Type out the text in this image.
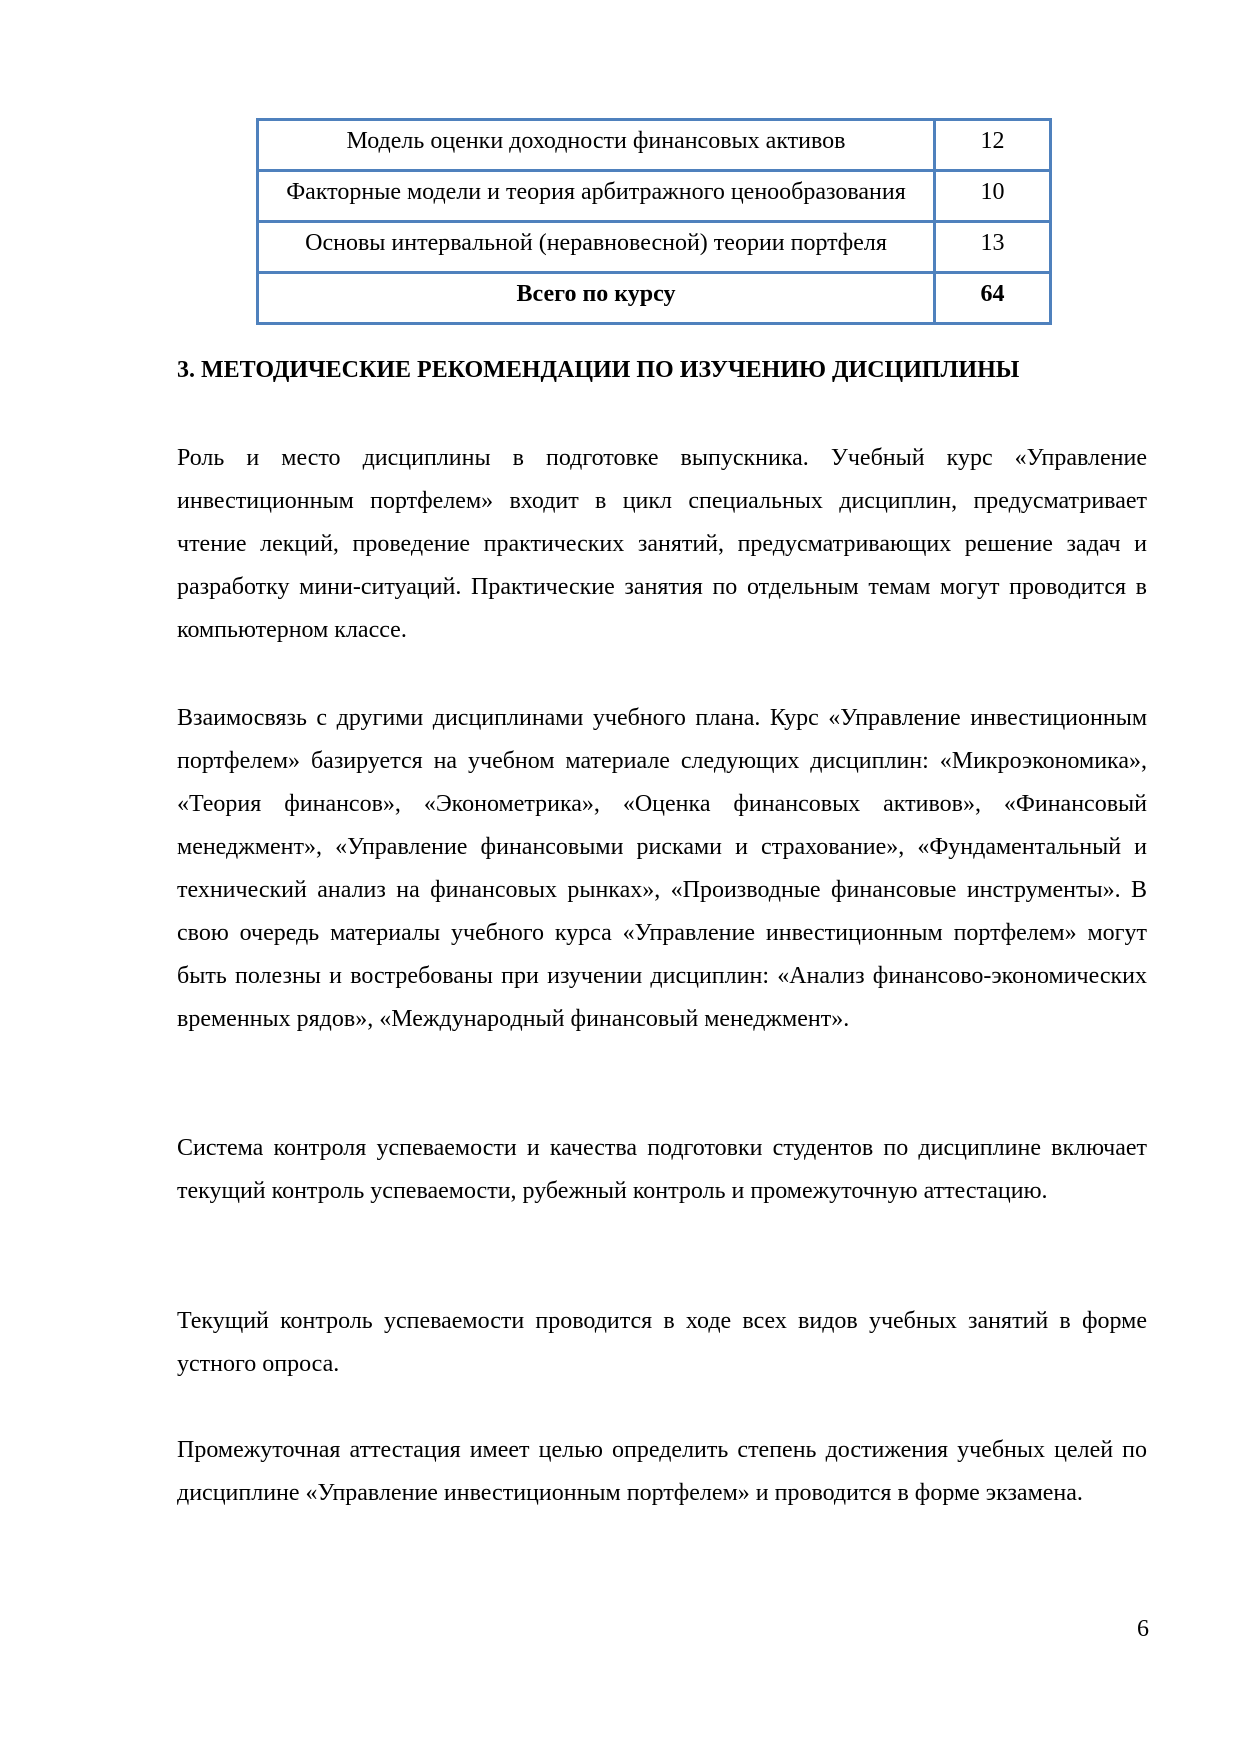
Модель оценки доходности финансовых активов	12
Факторные модели и теория арбитражного ценообразования	10
Основы интервальной (неравновесной) теории портфеля	13
Всего по курсу	64
3. МЕТОДИЧЕСКИЕ РЕКОМЕНДАЦИИ ПО ИЗУЧЕНИЮ ДИСЦИПЛИНЫ

Роль и место дисциплины в подготовке выпускника. Учебный курс «Управление инвестиционным портфелем» входит в цикл специальных дисциплин, предусматривает чтение лекций, проведение практических занятий, предусматривающих решение задач и разработку мини-ситуаций. Практические занятия по отдельным темам могут проводится в компьютерном классе.

Взаимосвязь с другими дисциплинами учебного плана. Курс «Управление инвестиционным портфелем» базируется на учебном материале следующих дисциплин: «Микроэкономика», «Теория финансов», «Эконометрика», «Оценка финансовых активов», «Финансовый менеджмент», «Управление финансовыми рисками и страхование», «Фундаментальный и технический анализ на финансовых рынках», «Производные финансовые инструменты». В свою очередь материалы учебного курса «Управление инвестиционным портфелем» могут быть полезны и востребованы при изучении дисциплин: «Анализ финансово-экономических временных рядов», «Международный финансовый менеджмент».

Система контроля успеваемости и качества подготовки студентов по дисциплине включает текущий контроль успеваемости, рубежный контроль и промежуточную аттестацию.

Текущий контроль успеваемости проводится в ходе всех видов учебных занятий в форме устного опроса.

Промежуточная аттестация имеет целью определить степень достижения учебных целей по дисциплине «Управление инвестиционным портфелем» и проводится в форме экзамена.

6
